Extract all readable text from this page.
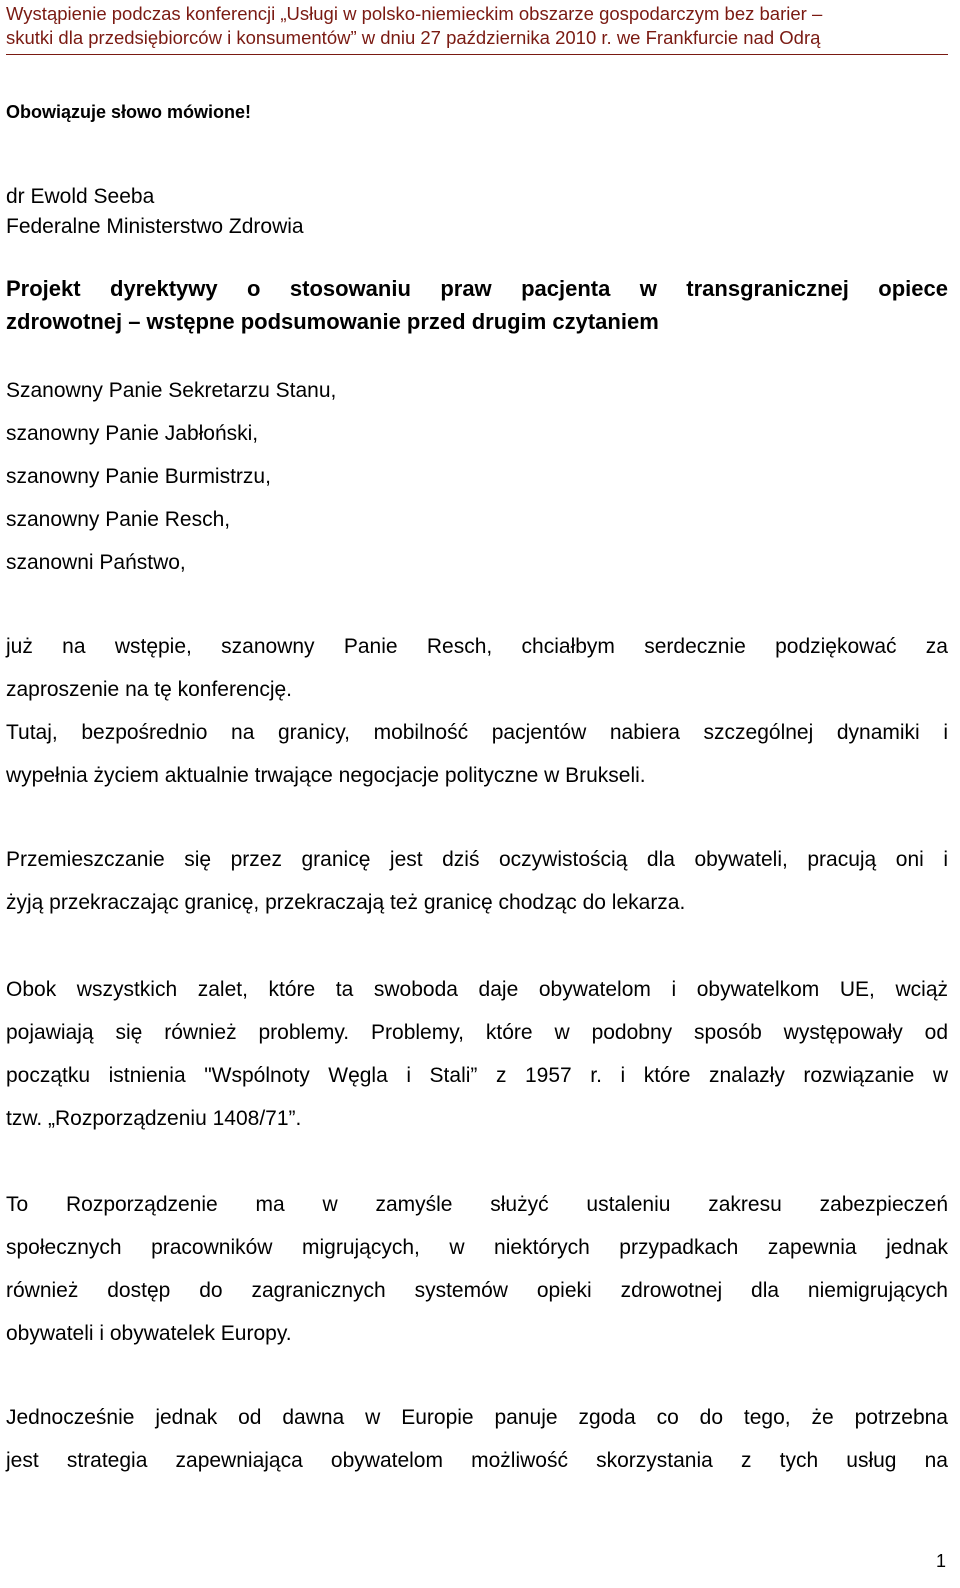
Wystąpienie podczas konferencji „Usługi w polsko-niemieckim obszarze gospodarczym bez barier –
skutki dla przedsiębiorców i konsumentów” w dniu 27 października 2010 r. we Frankfurcie nad Odrą
Obowiązuje słowo mówione!
dr Ewold Seeba
Federalne Ministerstwo Zdrowia
Projekt dyrektywy o stosowaniu praw pacjenta w transgranicznej opiece
zdrowotnej – wstępne podsumowanie przed drugim czytaniem
Szanowny Panie Sekretarzu Stanu,
szanowny Panie Jabłoński,
szanowny Panie Burmistrzu,
szanowny Panie Resch,
szanowni Państwo,
już na wstępie, szanowny Panie Resch, chciałbym serdecznie podziękować za
zaproszenie na tę konferencję.
Tutaj, bezpośrednio na granicy, mobilność pacjentów nabiera szczególnej dynamiki i
wypełnia życiem aktualnie trwające negocjacje polityczne w Brukseli.
Przemieszczanie się przez granicę jest dziś oczywistością dla obywateli, pracują oni i
żyją przekraczając granicę, przekraczają też granicę chodząc do lekarza.
Obok wszystkich zalet, które ta swoboda daje obywatelom i obywatelkom UE, wciąż
pojawiają się również problemy. Problemy, które w podobny sposób występowały od
początku istnienia "Wspólnoty Węgla i Stali” z 1957 r. i które znalazły rozwiązanie w
tzw. „Rozporządzeniu 1408/71”.
To Rozporządzenie ma w zamyśle służyć ustaleniu zakresu zabezpieczeń
społecznych pracowników migrujących, w niektórych przypadkach zapewnia jednak
również dostęp do zagranicznych systemów opieki zdrowotnej dla niemigrujących
obywateli i obywatelek Europy.
Jednocześnie jednak od dawna w Europie panuje zgoda co do tego, że potrzebna
jest strategia zapewniająca obywatelom możliwość skorzystania z tych usług na
1
